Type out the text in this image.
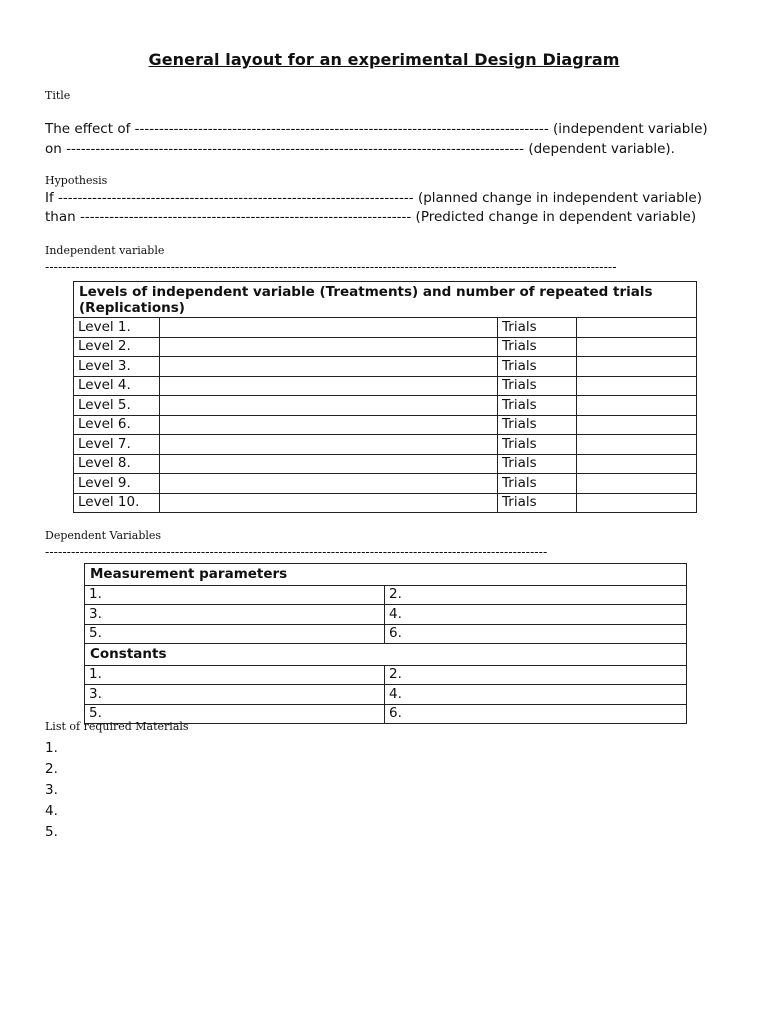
General layout for an experimental Design Diagram
Title
The effect of ------------------------------------------------------------------------------------- (independent variable)
on ---------------------------------------------------------------------------------------------- (dependent variable).
Hypothesis
If ------------------------------------------------------------------------- (planned change in independent variable)
than -------------------------------------------------------------------- (Predicted change in dependent variable)
Independent variable
------------------------------------------------------------------------------------------------------------------------------------
Levels of independent variable (Treatments) and number of repeated trials (Replications)			
Level 1.		Trials	
Level 2.		Trials	
Level 3.		Trials	
Level 4.		Trials	
Level 5.		Trials	
Level 6.		Trials	
Level 7.		Trials	
Level 8.		Trials	
Level 9.		Trials	
Level 10.		Trials	
Dependent Variables
--------------------------------------------------------------------------------------------------------------------
Measurement parameters	
1.	2.
3.	4.
5.	6.
Constants	
1.	2.
3.	4.
5.	6.
List of required Materials
1.
2.
3.
4.
5.
